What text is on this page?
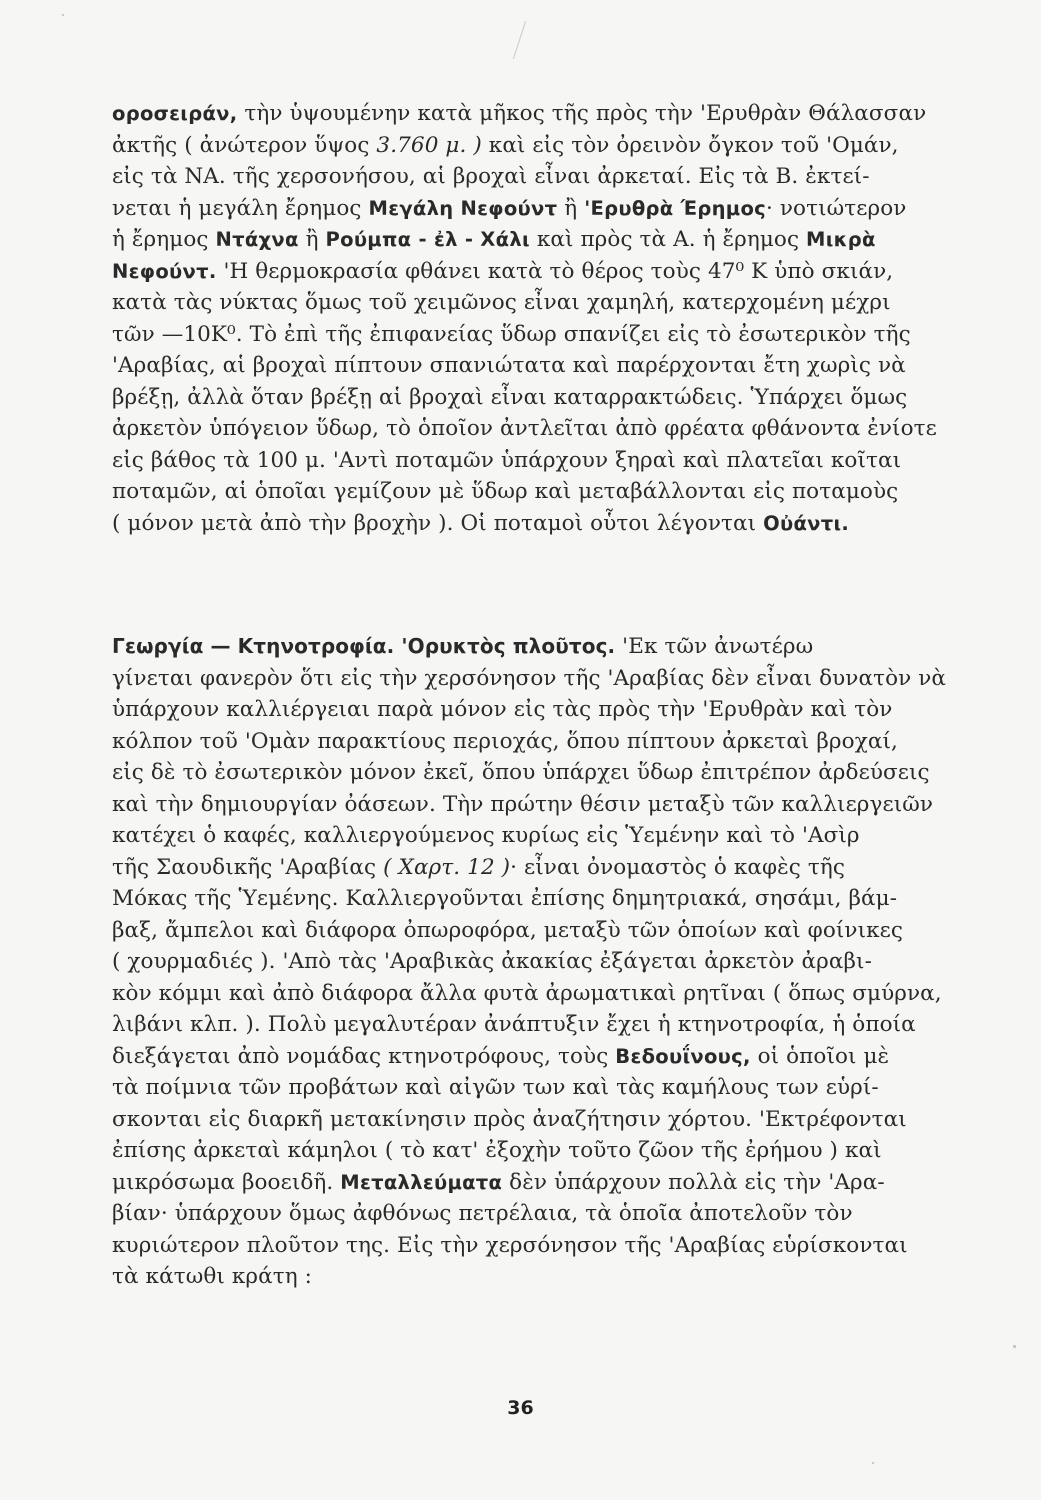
οροσειράν, τὴν ὑψουμένην κατὰ μῆκος τῆς πρὸς τὴν 'Ερυθρὰν Θάλασσαν
ἀκτῆς ( ἀνώτερον ὕψος 3.760 μ. ) καὶ εἰς τὸν ὀρεινὸν ὄγκον τοῦ 'Ομάν,
εἰς τὰ ΝΑ. τῆς χερσονήσου, αἱ βροχαὶ εἶναι ἀρκεταί. Εἰς τὰ Β. ἐκτεί-
νεται ἡ μεγάλη ἔρημος Μεγάλη Νεφούντ ἢ 'Ερυθρὰ Έρημος· νοτιώτερον
ἡ ἔρημος Ντάχνα ἢ Ρούμπα - ἐλ - Χάλι καὶ πρὸς τὰ Α. ἡ ἔρημος Μικρὰ
Νεφούντ. 'Η θερμοκρασία φθάνει κατὰ τὸ θέρος τοὺς 47⁰ Κ ὑπὸ σκιάν,
κατὰ τὰς νύκτας ὅμως τοῦ χειμῶνος εἶναι χαμηλή, κατερχομένη μέχρι
τῶν —10Κ⁰. Τὸ ἐπὶ τῆς ἐπιφανείας ὕδωρ σπανίζει εἰς τὸ ἐσωτερικὸν τῆς
'Αραβίας, αἱ βροχαὶ πίπτουν σπανιώτατα καὶ παρέρχονται ἔτη χωρὶς νὰ
βρέξῃ, ἀλλὰ ὅταν βρέξῃ αἱ βροχαὶ εἶναι καταρρακτώδεις. Ὑπάρχει ὅμως
ἀρκετὸν ὑπόγειον ὕδωρ, τὸ ὁποῖον ἀντλεῖται ἀπὸ φρέατα φθάνοντα ἐνίοτε
εἰς βάθος τὰ 100 μ. 'Αντὶ ποταμῶν ὑπάρχουν ξηραὶ καὶ πλατεῖαι κοῖται
ποταμῶν, αἱ ὁποῖαι γεμίζουν μὲ ὕδωρ καὶ μεταβάλλονται εἰς ποταμοὺς
( μόνον μετὰ ἀπὸ τὴν βροχὴν ). Οἱ ποταμοὶ οὗτοι λέγονται Οὐάντι.
Γεωργία — Κτηνοτροφία. 'Ορυκτὸς πλοῦτος. 'Εκ τῶν ἀνωτέρω
γίνεται φανερὸν ὅτι εἰς τὴν χερσόνησον τῆς 'Αραβίας δὲν εἶναι δυνατὸν νὰ
ὑπάρχουν καλλιέργειαι παρὰ μόνον εἰς τὰς πρὸς τὴν 'Ερυθρὰν καὶ τὸν
κόλπον τοῦ 'Ομὰν παρακτίους περιοχάς, ὅπου πίπτουν ἀρκεταὶ βροχαί,
εἰς δὲ τὸ ἐσωτερικὸν μόνον ἐκεῖ, ὅπου ὑπάρχει ὕδωρ ἐπιτρέπον ἀρδεύσεις
καὶ τὴν δημιουργίαν ὀάσεων. Τὴν πρώτην θέσιν μεταξὺ τῶν καλλιεργειῶν
κατέχει ὁ καφές, καλλιεργούμενος κυρίως εἰς Ὑεμένην καὶ τὸ 'Ασὶρ
τῆς Σαουδικῆς 'Αραβίας ( Χαρτ. 12 )· εἶναι ὀνομαστὸς ὁ καφὲς τῆς
Μόκας τῆς Ὑεμένης. Καλλιεργοῦνται ἐπίσης δημητριακά, σησάμι, βάμ-
βαξ, ἄμπελοι καὶ διάφορα ὀπωροφόρα, μεταξὺ τῶν ὁποίων καὶ φοίνικες
( χουρμαδιές ). 'Απὸ τὰς 'Αραβικὰς ἀκακίας ἐξάγεται ἀρκετὸν ἀραβι-
κὸν κόμμι καὶ ἀπὸ διάφορα ἄλλα φυτὰ ἀρωματικαὶ ρητῖναι ( ὅπως σμύρνα,
λιβάνι κλπ. ). Πολὺ μεγαλυτέραν ἀνάπτυξιν ἔχει ἡ κτηνοτροφία, ἡ ὁποία
διεξάγεται ἀπὸ νομάδας κτηνοτρόφους, τοὺς Βεδουΐνους, οἱ ὁποῖοι μὲ
τὰ ποίμνια τῶν προβάτων καὶ αἰγῶν των καὶ τὰς καμήλους των εὑρί-
σκονται εἰς διαρκῆ μετακίνησιν πρὸς ἀναζήτησιν χόρτου. 'Εκτρέφονται
ἐπίσης ἀρκεταὶ κάμηλοι ( τὸ κατ' ἐξοχὴν τοῦτο ζῶον τῆς ἐρήμου ) καὶ
μικρόσωμα βοοειδῆ. Μεταλλεύματα δὲν ὑπάρχουν πολλὰ εἰς τὴν 'Αρα-
βίαν· ὑπάρχουν ὅμως ἀφθόνως πετρέλαια, τὰ ὁποῖα ἀποτελοῦν τὸν
κυριώτερον πλοῦτον της. Εἰς τὴν χερσόνησον τῆς 'Αραβίας εὑρίσκονται
τὰ κάτωθι κράτη :
36
